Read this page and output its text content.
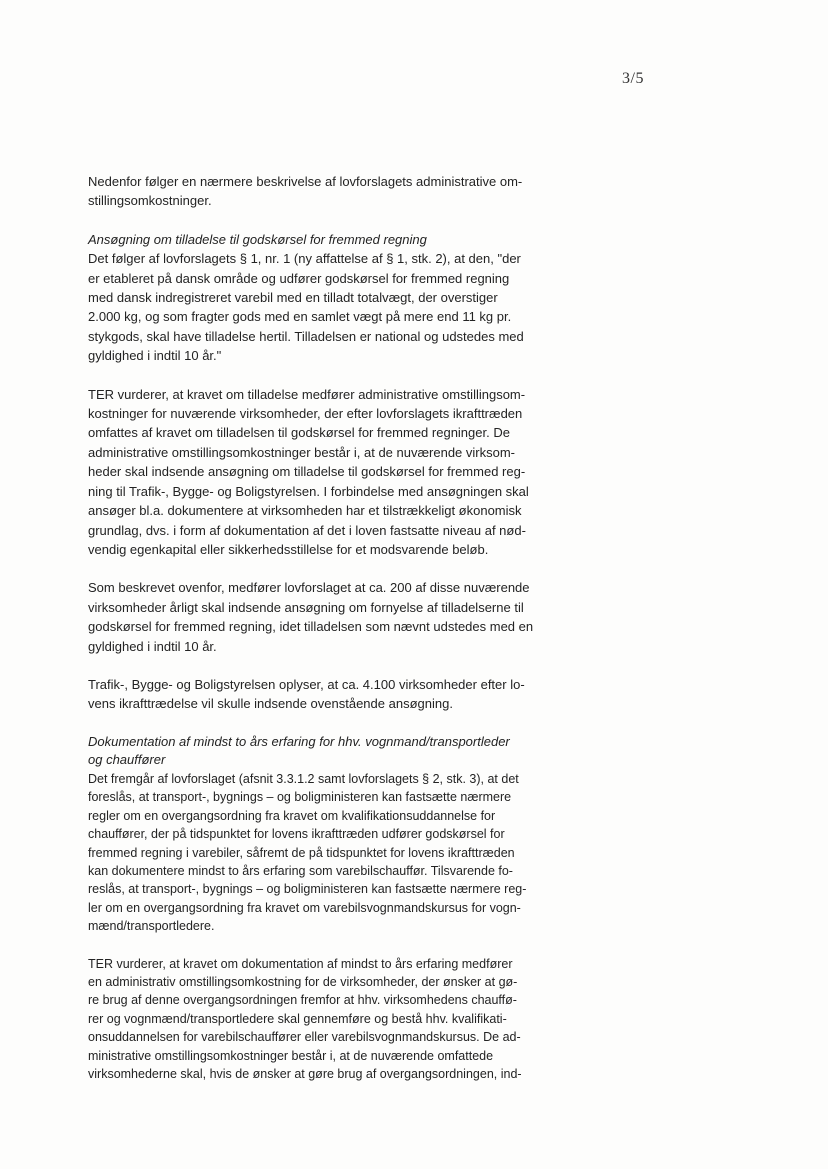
3/5

Nedenfor følger en nærmere beskrivelse af lovforslagets administrative om-
stillingsomkostninger.

Ansøgning om tilladelse til godskørsel for fremmed regning

Det følger af lovforslagets § 1, nr. 1 (ny affattelse af § 1, stk. 2), at den, "der
er etableret på dansk område og udfører godskørsel for fremmed regning
med dansk indregistreret varebil med en tilladt totalvægt, der overstiger
2.000 kg, og som fragter gods med en samlet vægt på mere end 11 kg pr.
stykgods, skal have tilladelse hertil. Tilladelsen er national og udstedes med
gyldighed i indtil 10 år."

TER vurderer, at kravet om tilladelse medfører administrative omstillingsom-
kostninger for nuværende virksomheder, der efter lovforslagets ikrafttræden
omfattes af kravet om tilladelsen til godskørsel for fremmed regninger. De
administrative omstillingsomkostninger består i, at de nuværende virksom-
heder skal indsende ansøgning om tilladelse til godskørsel for fremmed reg-
ning til Trafik-, Bygge- og Boligstyrelsen. I forbindelse med ansøgningen skal
ansøger bl.a. dokumentere at virksomheden har et tilstrækkeligt økonomisk
grundlag, dvs. i form af dokumentation af det i loven fastsatte niveau af nød-
vendig egenkapital eller sikkerhedsstillelse for et modsvarende beløb.

Som beskrevet ovenfor, medfører lovforslaget at ca. 200 af disse nuværende
virksomheder årligt skal indsende ansøgning om fornyelse af tilladelserne til
godskørsel for fremmed regning, idet tilladelsen som nævnt udstedes med en
gyldighed i indtil 10 år.

Trafik-, Bygge- og Boligstyrelsen oplyser, at ca. 4.100 virksomheder efter lo-
vens ikrafttrædelse vil skulle indsende ovenstående ansøgning.

Dokumentation af mindst to års erfaring for hhv. vognmand/transportleder
og chauffører

Det fremgår af lovforslaget (afsnit 3.3.1.2 samt lovforslagets § 2, stk. 3), at det
foreslås, at transport-, bygnings – og boligministeren kan fastsætte nærmere
regler om en overgangsordning fra kravet om kvalifikationsuddannelse for
chauffører, der på tidspunktet for lovens ikrafttræden udfører godskørsel for
fremmed regning i varebiler, såfremt de på tidspunktet for lovens ikrafttræden
kan dokumentere mindst to års erfaring som varebilschauffør. Tilsvarende fo-
reslås, at transport-, bygnings – og boligministeren kan fastsætte nærmere reg-
ler om en overgangsordning fra kravet om varebilsvognmandskursus for vogn-
mænd/transportledere.

TER vurderer, at kravet om dokumentation af mindst to års erfaring medfører
en administrativ omstillingsomkostning for de virksomheder, der ønsker at gø-
re brug af denne overgangsordningen fremfor at hhv. virksomhedens chauffø-
rer og vognmænd/transportledere skal gennemføre og bestå hhv. kvalifikati-
onsuddannelsen for varebilschauffører eller varebilsvognmandskursus. De ad-
ministrative omstillingsomkostninger består i, at de nuværende omfattede
virksomhederne skal, hvis de ønsker at gøre brug af overgangsordningen, ind-
